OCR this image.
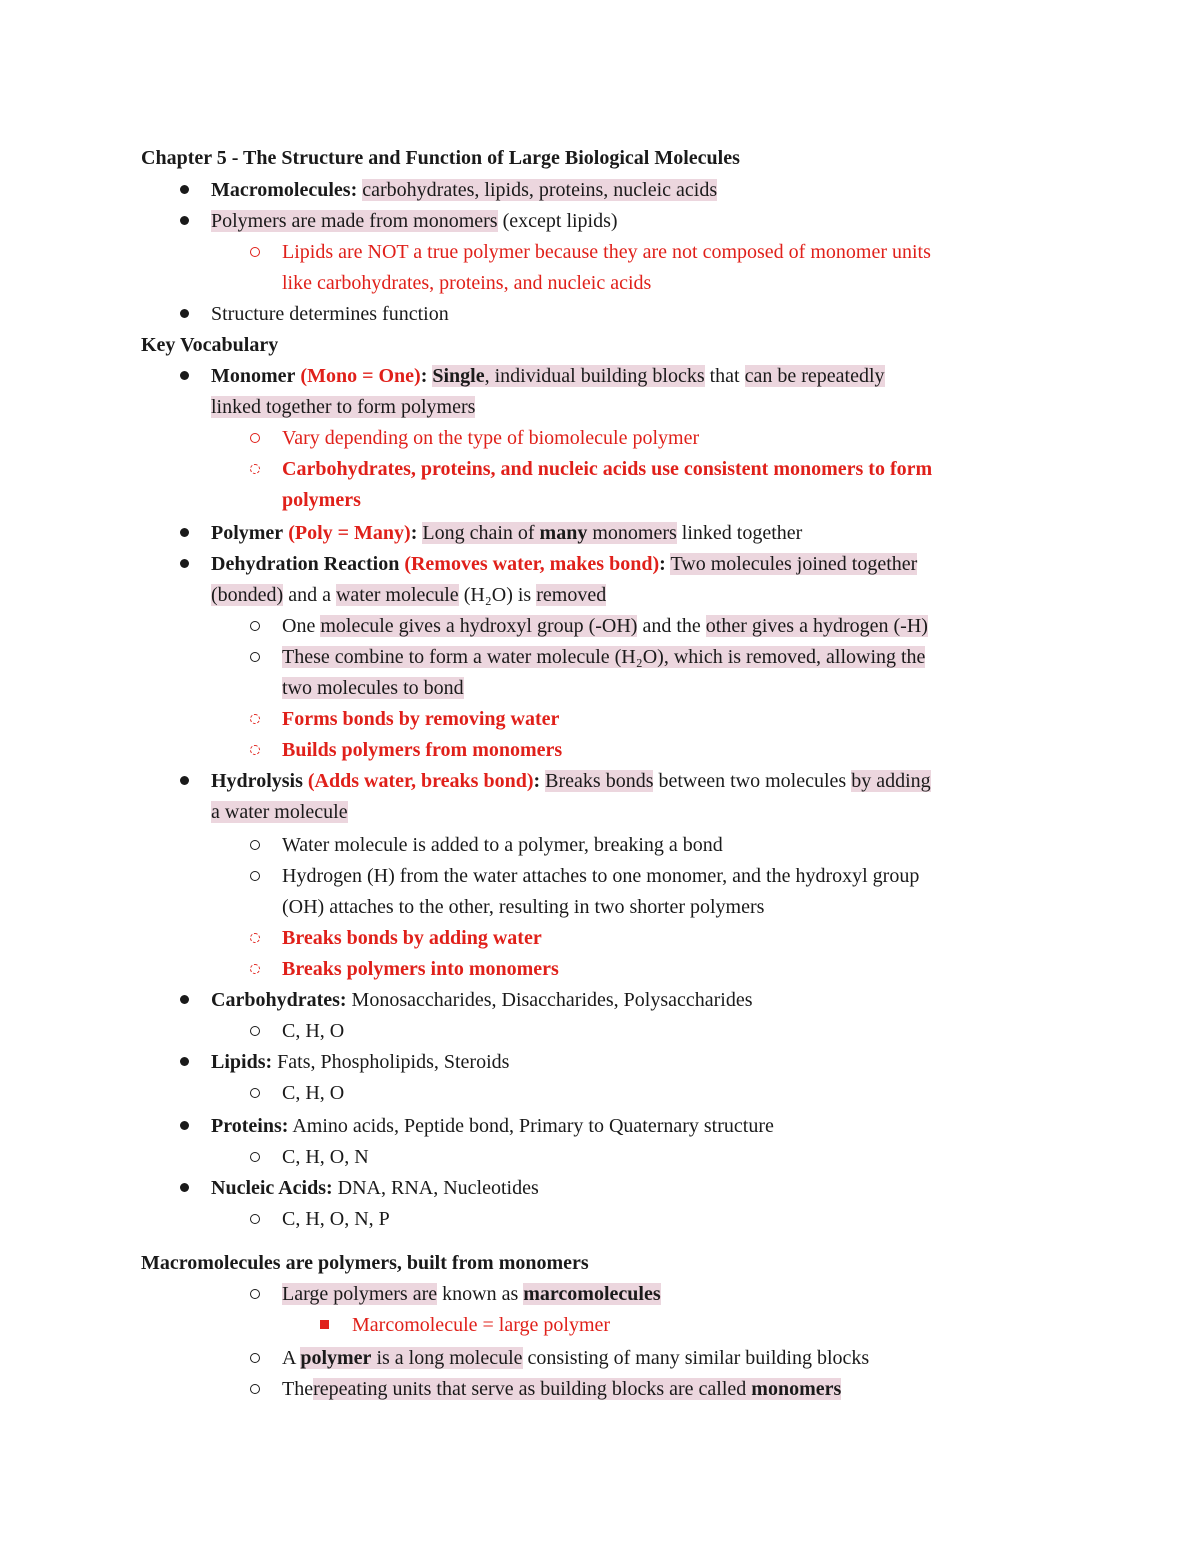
Chapter 5 - The Structure and Function of Large Biological Molecules
Macromolecules: carbohydrates, lipids, proteins, nucleic acids
Polymers are made from monomers (except lipids)
Lipids are NOT a true polymer because they are not composed of monomer units
like carbohydrates, proteins, and nucleic acids
Structure determines function
Key Vocabulary
Monomer (Mono = One): Single, individual building blocks that can be repeatedly
linked together to form polymers
Vary depending on the type of biomolecule polymer
Carbohydrates, proteins, and nucleic acids use consistent monomers to form
polymers
Polymer (Poly = Many): Long chain of many monomers linked together
Dehydration Reaction (Removes water, makes bond): Two molecules joined together
(bonded) and a water molecule (H₂O) is removed
One molecule gives a hydroxyl group (-OH) and the other gives a hydrogen (-H)
These combine to form a water molecule (H₂O), which is removed, allowing the
two molecules to bond
Forms bonds by removing water
Builds polymers from monomers
Hydrolysis (Adds water, breaks bond): Breaks bonds between two molecules by adding
a water molecule
Water molecule is added to a polymer, breaking a bond
Hydrogen (H) from the water attaches to one monomer, and the hydroxyl group
(OH) attaches to the other, resulting in two shorter polymers
Breaks bonds by adding water
Breaks polymers into monomers
Carbohydrates: Monosaccharides, Disaccharides, Polysaccharides
C, H, O
Lipids: Fats, Phospholipids, Steroids
C, H, O
Proteins: Amino acids, Peptide bond, Primary to Quaternary structure
C, H, O, N
Nucleic Acids: DNA, RNA, Nucleotides
C, H, O, N, P
Macromolecules are polymers, built from monomers
Large polymers are known as marcomolecules
Marcomolecule = large polymer
A polymer is a long molecule consisting of many similar building blocks
Therepeating units that serve as building blocks are called monomers
